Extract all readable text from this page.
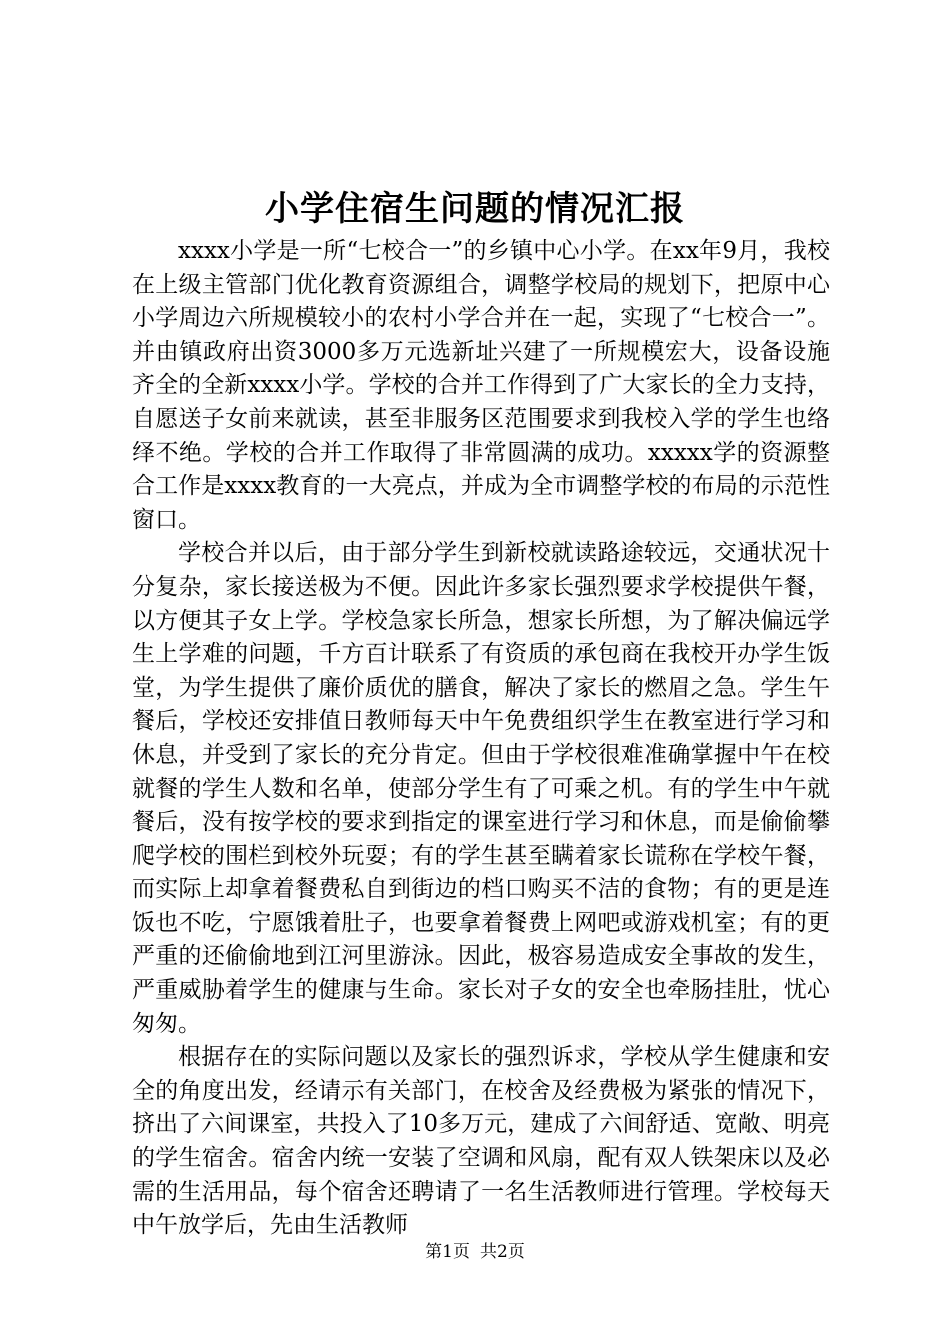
小学住宿生问题的情况汇报

xxxx小学是一所“七校合一”的乡镇中心小学。在xx年9月，我校在上级主管部门优化教育资源组合，调整学校局的规划下，把原中心小学周边六所规模较小的农村小学合并在一起，实现了“七校合一”。并由镇政府出资3000多万元选新址兴建了一所规模宏大，设备设施齐全的全新xxxx小学。学校的合并工作得到了广大家长的全力支持，自愿送子女前来就读，甚至非服务区范围要求到我校入学的学生也络绎不绝。学校的合并工作取得了非常圆满的成功。xxxxx学的资源整合工作是xxxx教育的一大亮点，并成为全市调整学校的布局的示范性窗口。

学校合并以后，由于部分学生到新校就读路途较远，交通状况十分复杂，家长接送极为不便。因此许多家长强烈要求学校提供午餐，以方便其子女上学。学校急家长所急，想家长所想，为了解决偏远学生上学难的问题，千方百计联系了有资质的承包商在我校开办学生饭堂，为学生提供了廉价质优的膳食，解决了家长的燃眉之急。学生午餐后，学校还安排值日教师每天中午免费组织学生在教室进行学习和休息，并受到了家长的充分肯定。但由于学校很难准确掌握中午在校就餐的学生人数和名单，使部分学生有了可乘之机。有的学生中午就餐后，没有按学校的要求到指定的课室进行学习和休息，而是偷偷攀爬学校的围栏到校外玩耍；有的学生甚至瞒着家长谎称在学校午餐，而实际上却拿着餐费私自到街边的档口购买不洁的食物；有的更是连饭也不吃，宁愿饿着肚子，也要拿着餐费上网吧或游戏机室；有的更严重的还偷偷地到江河里游泳。因此，极容易造成安全事故的发生，严重威胁着学生的健康与生命。家长对子女的安全也牵肠挂肚，忧心匆匆。

根据存在的实际问题以及家长的强烈诉求，学校从学生健康和安全的角度出发，经请示有关部门，在校舍及经费极为紧张的情况下，挤出了六间课室，共投入了10多万元，建成了六间舒适、宽敞、明亮的学生宿舍。宿舍内统一安装了空调和风扇，配有双人铁架床以及必需的生活用品，每个宿舍还聘请了一名生活教师进行管理。学校每天中午放学后，先由生活教师

第1页 共2页
